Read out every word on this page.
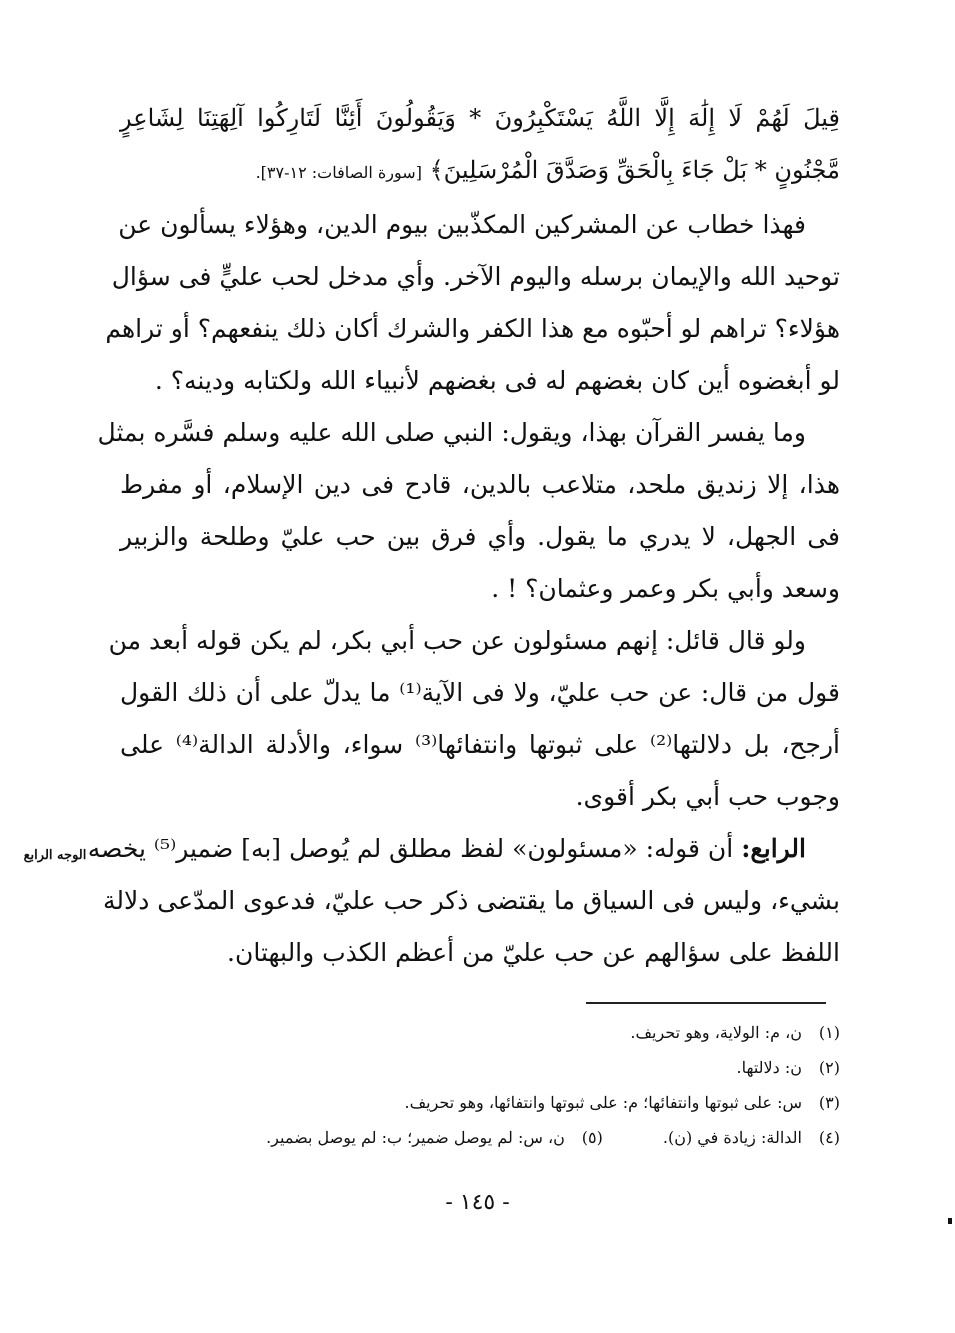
قِيلَ لَهُمْ لَا إِلَٰهَ إِلَّا اللَّهُ يَسْتَكْبِرُونَ * وَيَقُولُونَ أَئِنَّا لَتَارِكُوا آلِهَتِنَا لِشَاعِرٍ
مَّجْنُونٍ * بَلْ جَاءَ بِالْحَقِّ وَصَدَّقَ الْمُرْسَلِينَ﴾ [سورة الصافات: ١٢-٣٧].
فهذا خطاب عن المشركين المكذّبين بيوم الدين، وهؤلاء يسألون عن
توحيد الله والإيمان برسله واليوم الآخر. وأي مدخل لحب عليٍّ فى سؤال
هؤلاء؟ تراهم لو أحبّوه مع هذا الكفر والشرك أكان ذلك ينفعهم؟ أو تراهم
لو أبغضوه أين كان بغضهم له فى بغضهم لأنبياء الله ولكتابه ودينه؟ .
وما يفسر القرآن بهذا، ويقول: النبي صلى الله عليه وسلم فسَّره بمثل
هذا، إلا زنديق ملحد، متلاعب بالدين، قادح فى دين الإسلام، أو مفرط
فى الجهل، لا يدري ما يقول. وأي فرق بين حب عليّ وطلحة والزبير
وسعد وأبي بكر وعمر وعثمان؟ ! .
ولو قال قائل: إنهم مسئولون عن حب أبي بكر، لم يكن قوله أبعد من
قول من قال: عن حب عليّ، ولا فى الآية⁽¹⁾ ما يدلّ على أن ذلك القول
أرجح، بل دلالتها⁽²⁾ على ثبوتها وانتفائها⁽³⁾ سواء، والأدلة الدالة⁽⁴⁾ على
وجوب حب أبي بكر أقوى.
الرابع: أن قوله: «مسئولون» لفظ مطلق لم يُوصل [به] ضمير⁽⁵⁾ يخصه
بشيء، وليس فى السياق ما يقتضى ذكر حب عليّ، فدعوى المدّعى دلالة
اللفظ على سؤالهم عن حب عليّ من أعظم الكذب والبهتان.
الوجه الرابع
(١)ن، م: الولاية، وهو تحريف.
(٢)ن: دلالتها.
(٣)س: على ثبوتها وانتفائها؛ م: على ثبوتها وانتفائها، وهو تحريف.
(٤)الدالة: زيادة في (ن).(٥)ن، س: لم يوصل ضمير؛ ب: لم يوصل بضمير.
- ١٤٥ -
